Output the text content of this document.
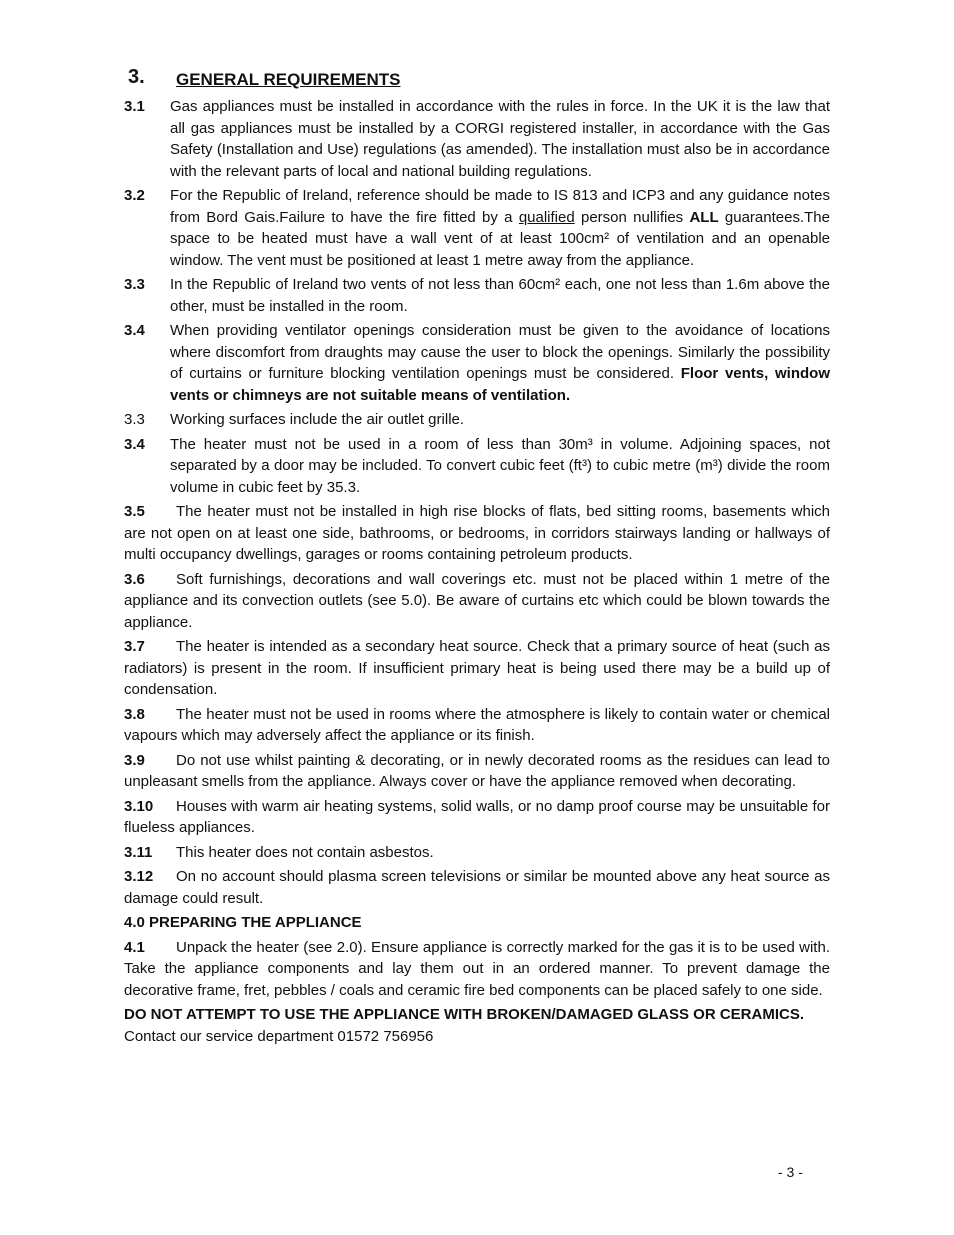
3. GENERAL REQUIREMENTS
3.1	Gas appliances must be installed in accordance with the rules in force. In the UK it is the law that all gas appliances must be installed by a CORGI registered installer, in accordance with the Gas Safety (Installation and Use) regulations (as amended). The installation must also be in accordance with the relevant parts of local and national building regulations.
3.2	For the Republic of Ireland, reference should be made to IS 813 and ICP3 and any guidance notes from Bord Gais.Failure to have the fire fitted by a qualified person nullifies ALL guarantees.The space to be heated must have a wall vent of at least 100cm² of ventilation and an openable window. The vent must be positioned at least 1 metre away from the appliance.
3.3	In the Republic of Ireland two vents of not less than 60cm² each, one not less than 1.6m above the other, must be installed in the room.
3.4	When providing ventilator openings consideration must be given to the avoidance of locations where discomfort from draughts may cause the user to block the openings. Similarly the possibility of curtains or furniture blocking ventilation openings must be considered. Floor vents, window vents or chimneys are not suitable means of ventilation.
3.3	Working surfaces include the air outlet grille.
3.4	The heater must not be used in a room of less than 30m³ in volume. Adjoining spaces, not separated by a door may be included. To convert cubic feet (ft³) to cubic metre (m³) divide the room volume in cubic feet by 35.3.
3.5 The heater must not be installed in high rise blocks of flats, bed sitting rooms, basements which are not open on at least one side, bathrooms, or bedrooms, in corridors stairways landing or hallways of multi occupancy dwellings, garages or rooms containing petroleum products.
3.6 Soft furnishings, decorations and wall coverings etc. must not be placed within 1 metre of the appliance and its convection outlets (see 5.0). Be aware of curtains etc which could be blown towards the appliance.
3.7 The heater is intended as a secondary heat source. Check that a primary source of heat (such as radiators) is present in the room. If insufficient primary heat is being used there may be a build up of condensation.
3.8 The heater must not be used in rooms where the atmosphere is likely to contain water or chemical vapours which may adversely affect the appliance or its finish.
3.9 Do not use whilst painting & decorating, or in newly decorated rooms as the residues can lead to unpleasant smells from the appliance. Always cover or have the appliance removed when decorating.
3.10 Houses with warm air heating systems, solid walls, or no damp proof course may be unsuitable for flueless appliances.
3.11 This heater does not contain asbestos.
3.12 On no account should plasma screen televisions or similar be mounted above any heat source as damage could result.
4.0 PREPARING THE APPLIANCE
4.1 Unpack the heater (see 2.0). Ensure appliance is correctly marked for the gas it is to be used with. Take the appliance components and lay them out in an ordered manner. To prevent damage the decorative frame, fret, pebbles / coals and ceramic fire bed components can be placed safely to one side.
DO NOT ATTEMPT TO USE THE APPLIANCE WITH BROKEN/DAMAGED GLASS OR CERAMICS.
Contact our service department 01572 756956
- 3 -
